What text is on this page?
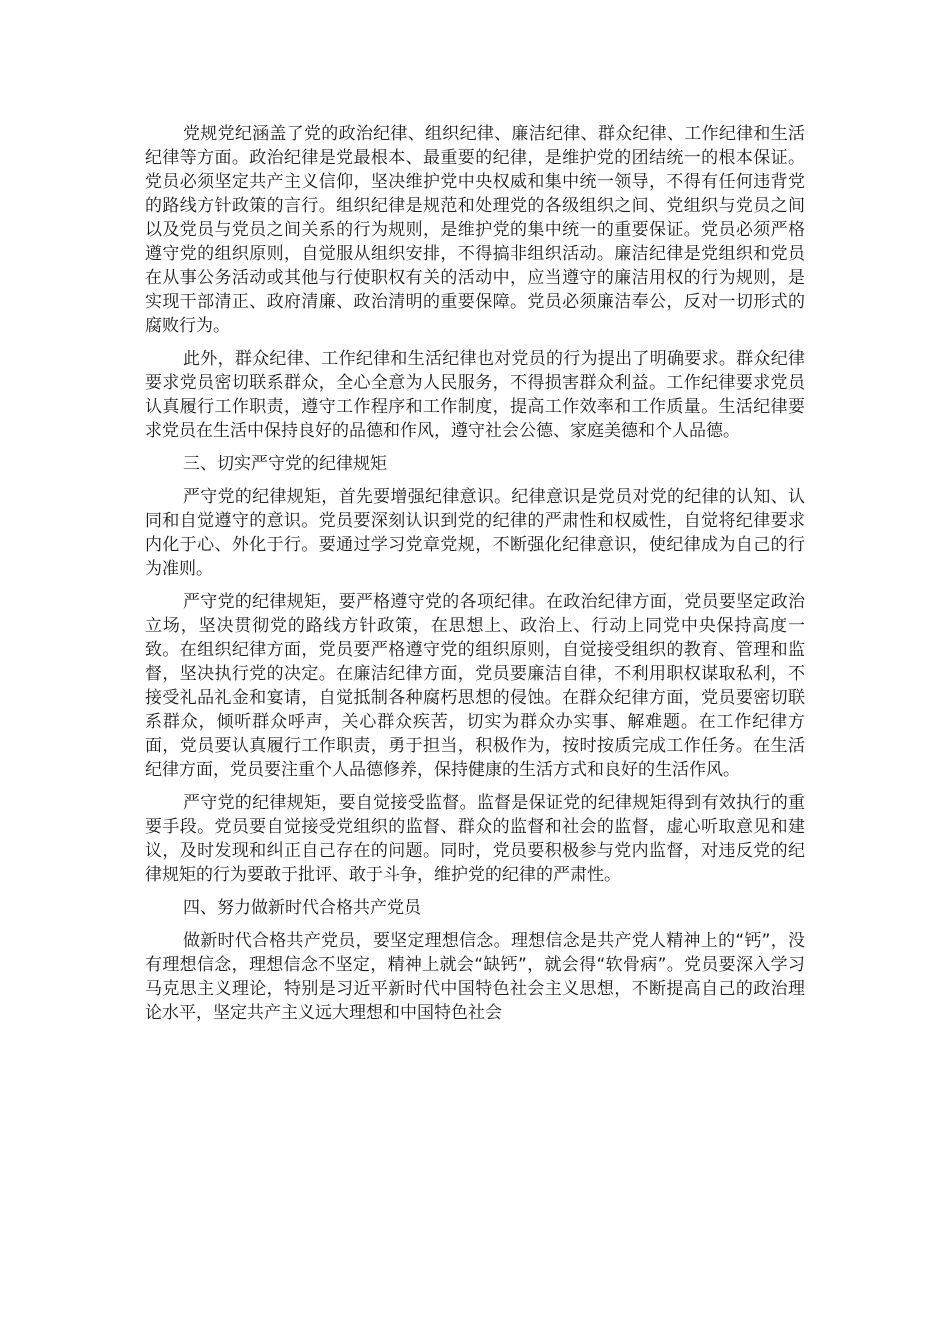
党规党纪涵盖了党的政治纪律、组织纪律、廉洁纪律、群众纪律、工作纪律和生活纪律等方面。政治纪律是党最根本、最重要的纪律，是维护党的团结统一的根本保证。党员必须坚定共产主义信仰，坚决维护党中央权威和集中统一领导，不得有任何违背党的路线方针政策的言行。组织纪律是规范和处理党的各级组织之间、党组织与党员之间以及党员与党员之间关系的行为规则，是维护党的集中统一的重要保证。党员必须严格遵守党的组织原则，自觉服从组织安排，不得搞非组织活动。廉洁纪律是党组织和党员在从事公务活动或其他与行使职权有关的活动中，应当遵守的廉洁用权的行为规则，是实现干部清正、政府清廉、政治清明的重要保障。党员必须廉洁奉公，反对一切形式的腐败行为。

此外，群众纪律、工作纪律和生活纪律也对党员的行为提出了明确要求。群众纪律要求党员密切联系群众，全心全意为人民服务，不得损害群众利益。工作纪律要求党员认真履行工作职责，遵守工作程序和工作制度，提高工作效率和工作质量。生活纪律要求党员在生活中保持良好的品德和作风，遵守社会公德、家庭美德和个人品德。

三、切实严守党的纪律规矩

严守党的纪律规矩，首先要增强纪律意识。纪律意识是党员对党的纪律的认知、认同和自觉遵守的意识。党员要深刻认识到党的纪律的严肃性和权威性，自觉将纪律要求内化于心、外化于行。要通过学习党章党规，不断强化纪律意识，使纪律成为自己的行为准则。

严守党的纪律规矩，要严格遵守党的各项纪律。在政治纪律方面，党员要坚定政治立场，坚决贯彻党的路线方针政策，在思想上、政治上、行动上同党中央保持高度一致。在组织纪律方面，党员要严格遵守党的组织原则，自觉接受组织的教育、管理和监督，坚决执行党的决定。在廉洁纪律方面，党员要廉洁自律，不利用职权谋取私利，不接受礼品礼金和宴请，自觉抵制各种腐朽思想的侵蚀。在群众纪律方面，党员要密切联系群众，倾听群众呼声，关心群众疾苦，切实为群众办实事、解难题。在工作纪律方面，党员要认真履行工作职责，勇于担当，积极作为，按时按质完成工作任务。在生活纪律方面，党员要注重个人品德修养，保持健康的生活方式和良好的生活作风。

严守党的纪律规矩，要自觉接受监督。监督是保证党的纪律规矩得到有效执行的重要手段。党员要自觉接受党组织的监督、群众的监督和社会的监督，虚心听取意见和建议，及时发现和纠正自己存在的问题。同时，党员要积极参与党内监督，对违反党的纪律规矩的行为要敢于批评、敢于斗争，维护党的纪律的严肃性。

四、努力做新时代合格共产党员

做新时代合格共产党员，要坚定理想信念。理想信念是共产党人精神上的“钙”，没有理想信念，理想信念不坚定，精神上就会“缺钙”，就会得“软骨病”。党员要深入学习马克思主义理论，特别是习近平新时代中国特色社会主义思想，不断提高自己的政治理论水平，坚定共产主义远大理想和中国特色社会
